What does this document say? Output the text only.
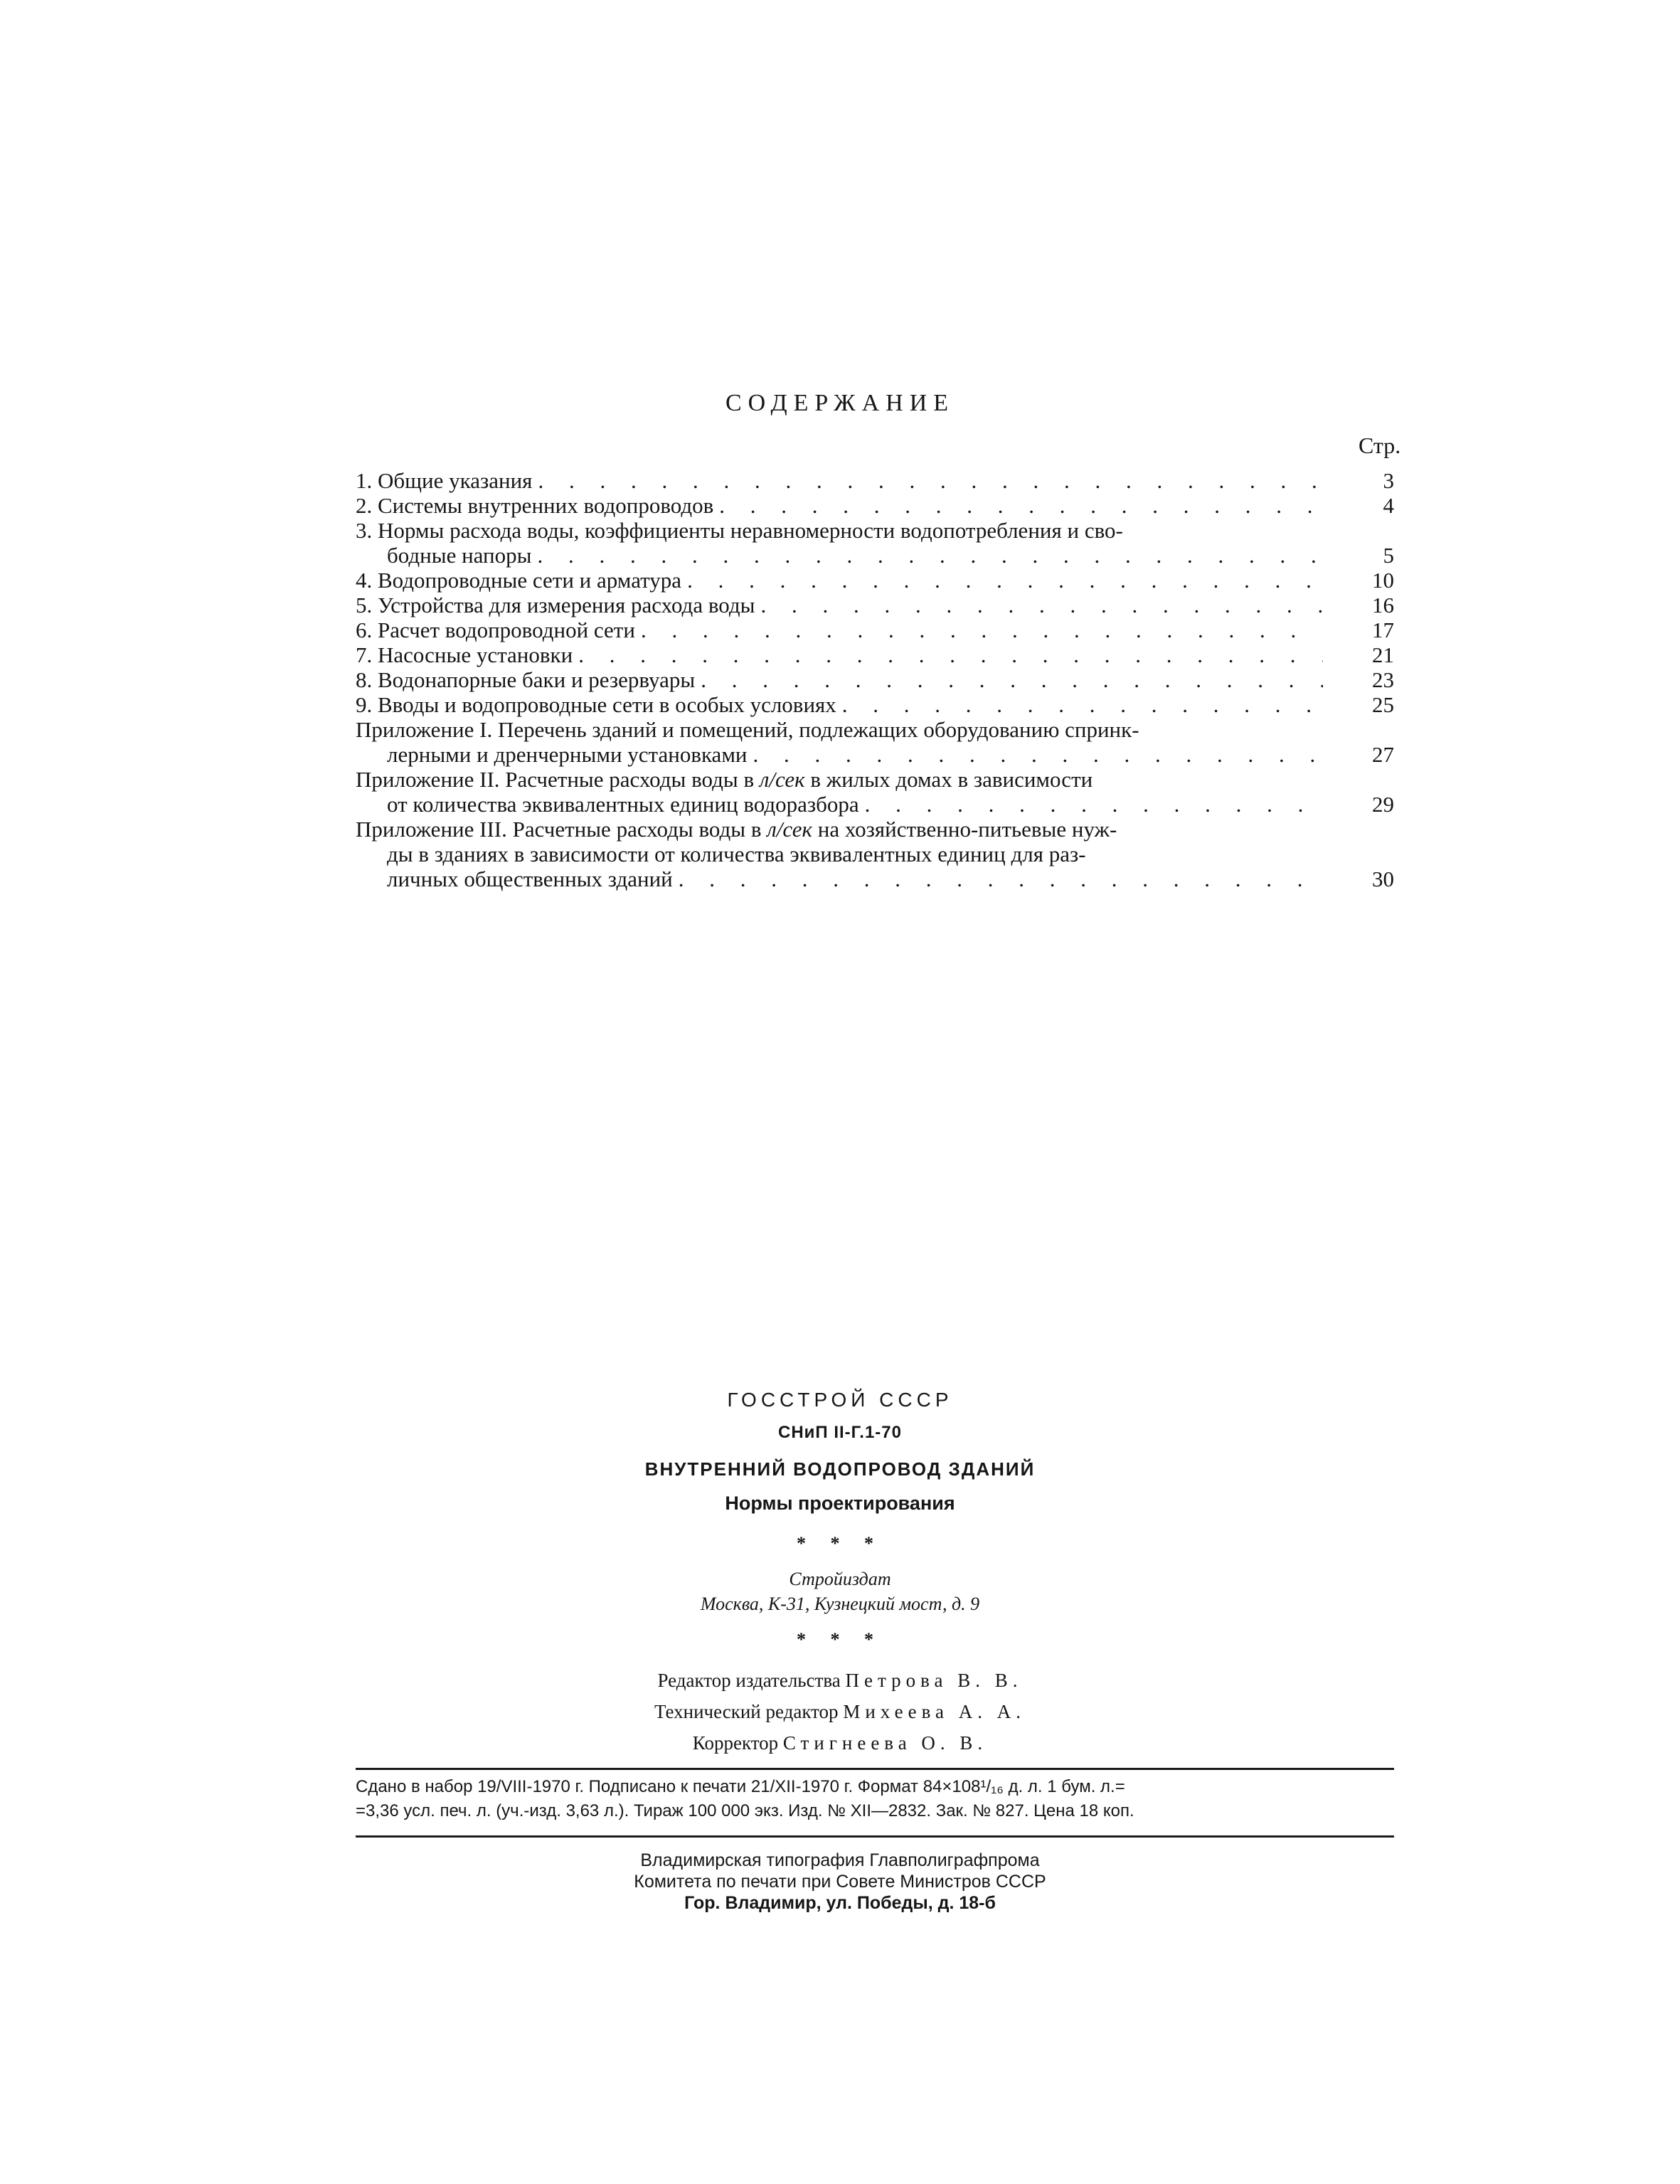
СОДЕРЖАНИЕ
Стр.
1. Общие указания . . .	3
2. Системы внутренних водопроводов . . .	4
3. Нормы расхода воды, коэффициенты неравномерности водопотребления и сво-
бодные напоры . . .	5
4. Водопроводные сети и арматура . . .	10
5. Устройства для измерения расхода воды . . .	16
6. Расчет водопроводной сети . . .	17
7. Насосные установки . . .	21
8. Водонапорные баки и резервуары . . .	23
9. Вводы и водопроводные сети в особых условиях . . .	25
Приложение I. Перечень зданий и помещений, подлежащих оборудованию спринк-
лерными и дренчерными установками . . .	27
Приложение II. Расчетные расходы воды в л/сек в жилых домах в зависимости
от количества эквивалентных единиц водоразбора . . .	29
Приложение III. Расчетные расходы воды в л/сек на хозяйственно-питьевые нуж-
ды в зданиях в зависимости от количества эквивалентных единиц для раз-
личных общественных зданий . . .	30
ГОССТРОЙ СССР
СНиП II-Г.1-70
ВНУТРЕННИЙ ВОДОПРОВОД ЗДАНИЙ
Нормы проектирования
* * *
Стройиздат
Москва, К-31, Кузнецкий мост, д. 9
* * *
Редактор издательства Петрова В. В.
Технический редактор Михеева А. А.
Корректор Стигнеева О. В.
Сдано в набор 19/VIII-1970 г. Подписано к печати 21/XII-1970 г. Формат 84×108¹/₁₆ д. л. 1 бум. л.=
=3,36 усл. печ. л. (уч.-изд. 3,63 л.). Тираж 100 000 экз. Изд. № XII—2832. Зак. № 827. Цена 18 коп.
Владимирская типография Главполиграфпрома
Комитета по печати при Совете Министров СССР
Гор. Владимир, ул. Победы, д. 18-б
